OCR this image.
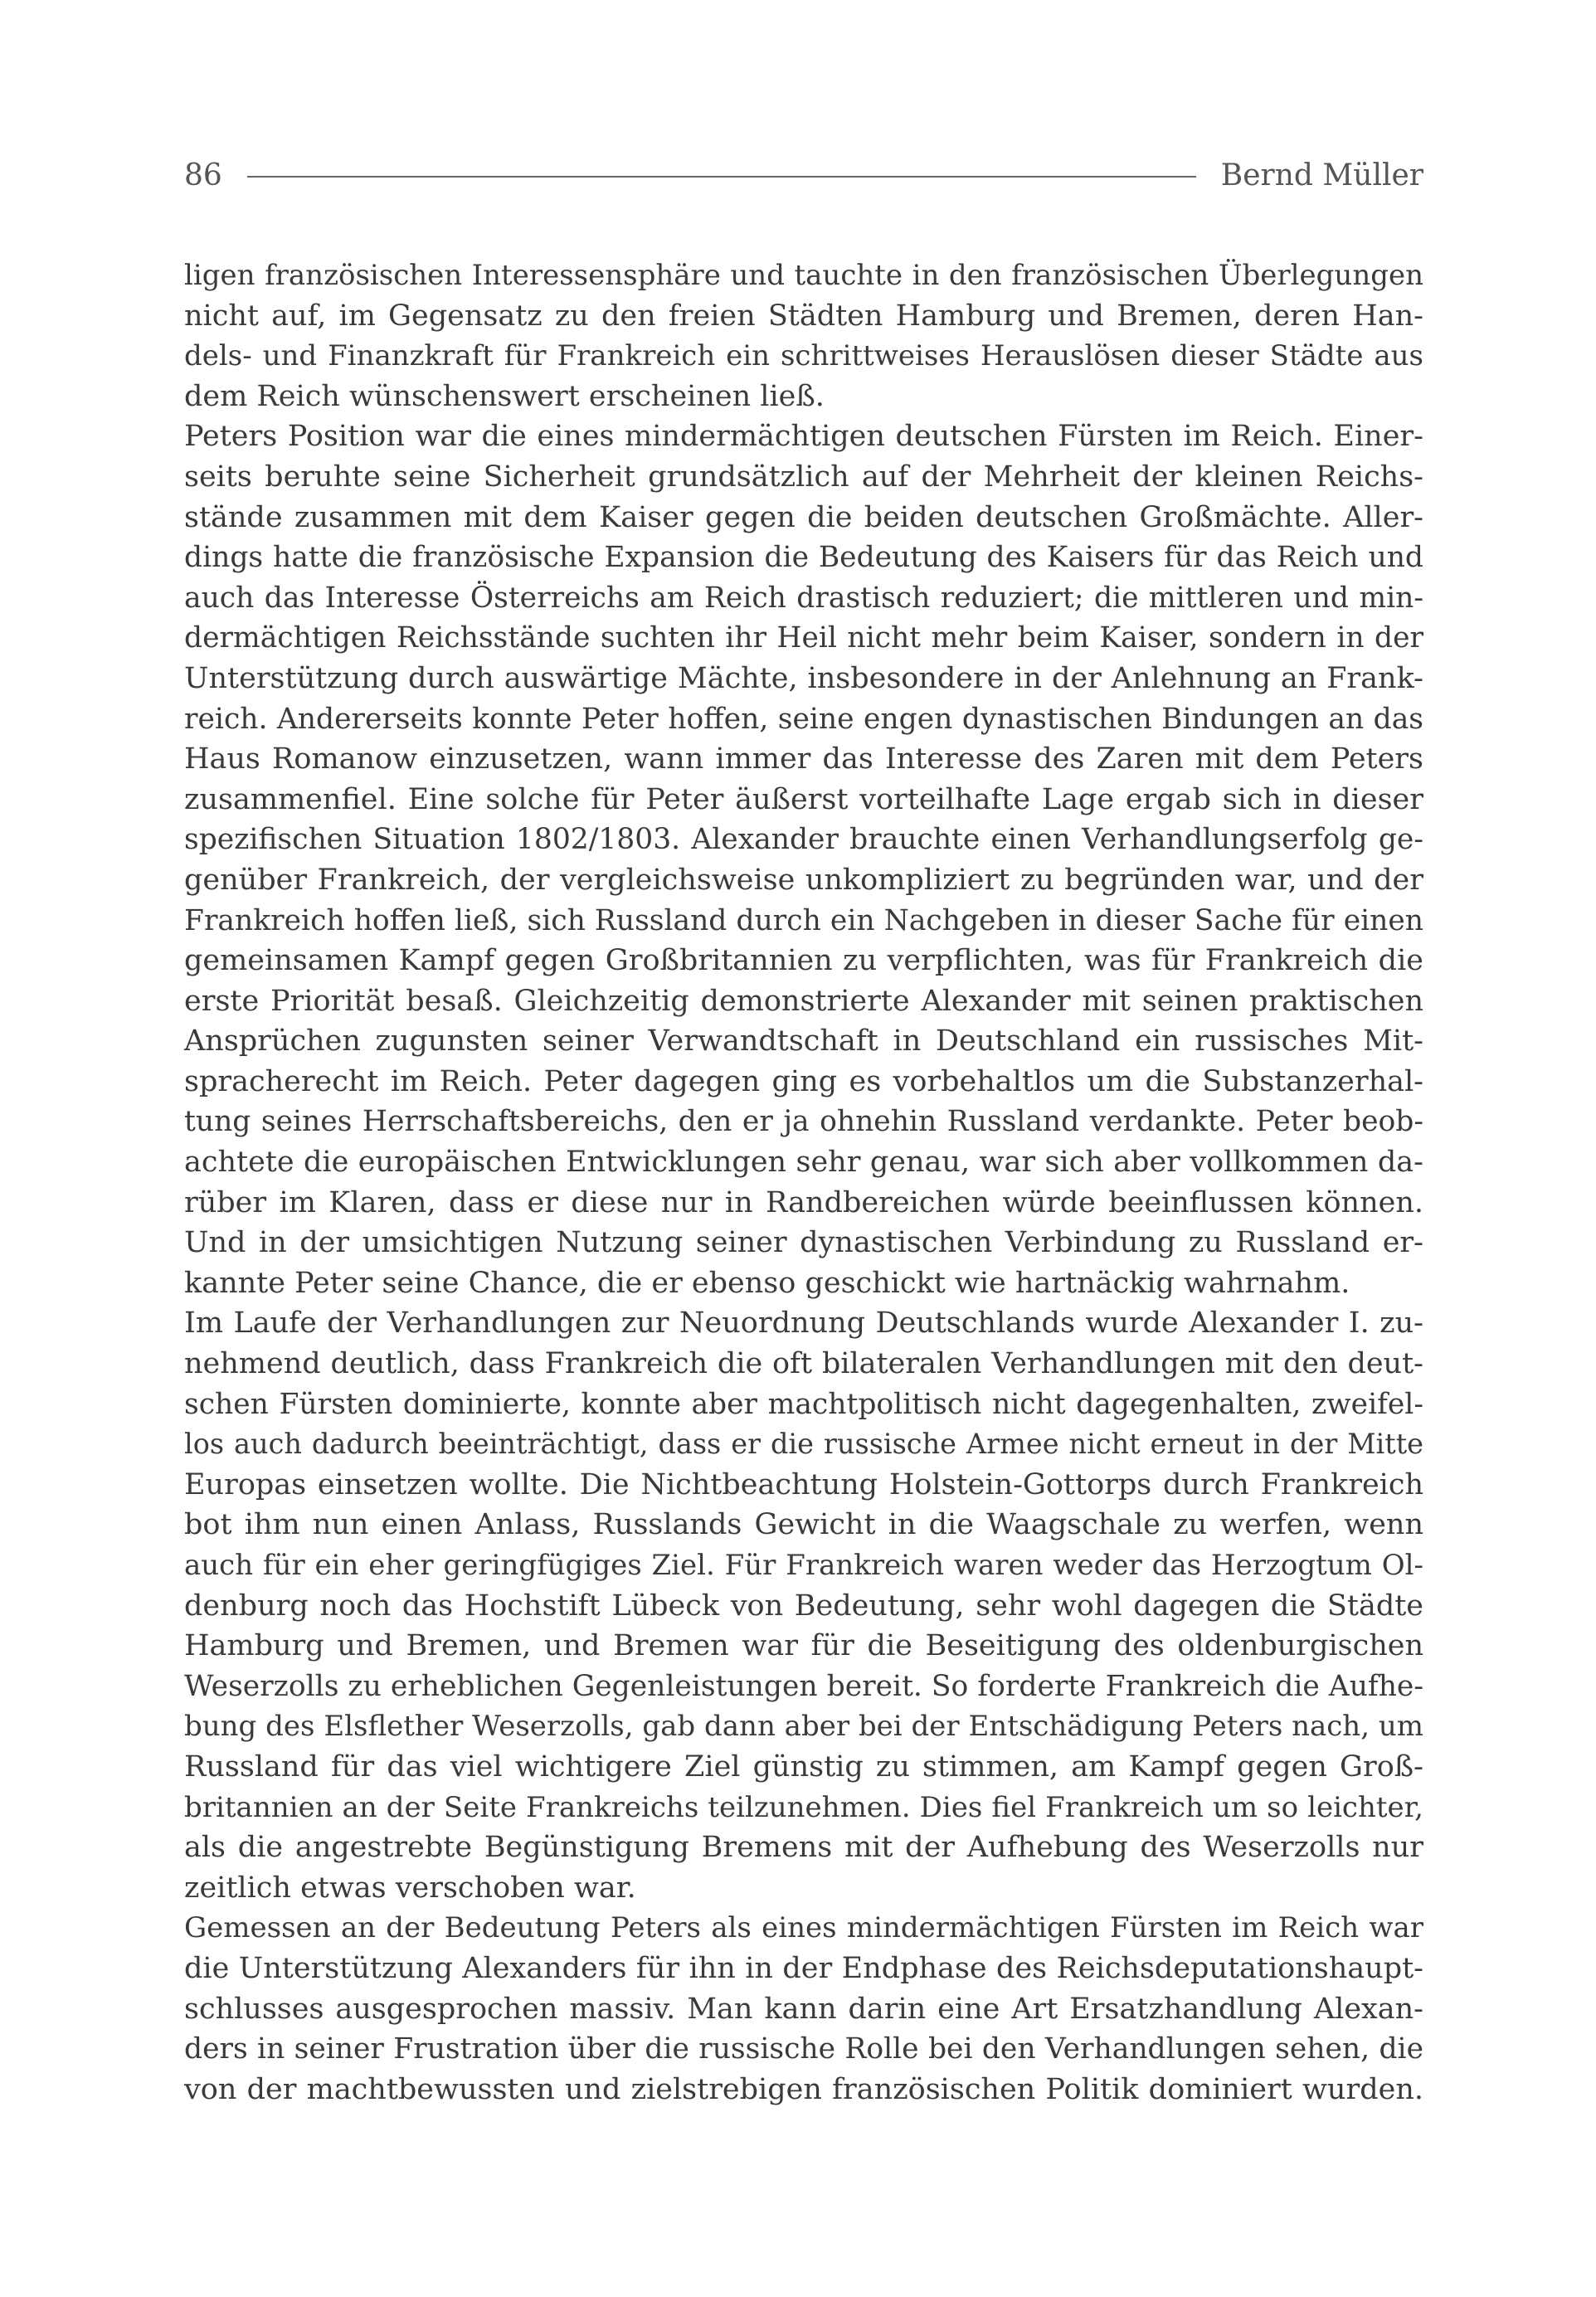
86	Bernd Müller
ligen französischen Interessensphäre und tauchte in den französischen Überlegungen
nicht auf, im Gegensatz zu den freien Städten Hamburg und Bremen, deren Han-
dels- und Finanzkraft für Frankreich ein schrittweises Herauslösen dieser Städte aus
dem Reich wünschenswert erscheinen ließ.
Peters Position war die eines mindermächtigen deutschen Fürsten im Reich. Einer-
seits beruhte seine Sicherheit grundsätzlich auf der Mehrheit der kleinen Reichs-
stände zusammen mit dem Kaiser gegen die beiden deutschen Großmächte. Aller-
dings hatte die französische Expansion die Bedeutung des Kaisers für das Reich und
auch das Interesse Österreichs am Reich drastisch reduziert; die mittleren und min-
dermächtigen Reichsstände suchten ihr Heil nicht mehr beim Kaiser, sondern in der
Unterstützung durch auswärtige Mächte, insbesondere in der Anlehnung an Frank-
reich. Andererseits konnte Peter hoffen, seine engen dynastischen Bindungen an das
Haus Romanow einzusetzen, wann immer das Interesse des Zaren mit dem Peters
zusammenfiel. Eine solche für Peter äußerst vorteilhafte Lage ergab sich in dieser
spezifischen Situation 1802/1803. Alexander brauchte einen Verhandlungserfolg ge-
genüber Frankreich, der vergleichsweise unkompliziert zu begründen war, und der
Frankreich hoffen ließ, sich Russland durch ein Nachgeben in dieser Sache für einen
gemeinsamen Kampf gegen Großbritannien zu verpflichten, was für Frankreich die
erste Priorität besaß. Gleichzeitig demonstrierte Alexander mit seinen praktischen
Ansprüchen zugunsten seiner Verwandtschaft in Deutschland ein russisches Mit-
spracherecht im Reich. Peter dagegen ging es vorbehaltlos um die Substanzerhal-
tung seines Herrschaftsbereichs, den er ja ohnehin Russland verdankte. Peter beob-
achtete die europäischen Entwicklungen sehr genau, war sich aber vollkommen da-
rüber im Klaren, dass er diese nur in Randbereichen würde beeinflussen können.
Und in der umsichtigen Nutzung seiner dynastischen Verbindung zu Russland er-
kannte Peter seine Chance, die er ebenso geschickt wie hartnäckig wahrnahm.
Im Laufe der Verhandlungen zur Neuordnung Deutschlands wurde Alexander I. zu-
nehmend deutlich, dass Frankreich die oft bilateralen Verhandlungen mit den deut-
schen Fürsten dominierte, konnte aber machtpolitisch nicht dagegenhalten, zweifel-
los auch dadurch beeinträchtigt, dass er die russische Armee nicht erneut in der Mitte
Europas einsetzen wollte. Die Nichtbeachtung Holstein-Gottorps durch Frankreich
bot ihm nun einen Anlass, Russlands Gewicht in die Waagschale zu werfen, wenn
auch für ein eher geringfügiges Ziel. Für Frankreich waren weder das Herzogtum Ol-
denburg noch das Hochstift Lübeck von Bedeutung, sehr wohl dagegen die Städte
Hamburg und Bremen, und Bremen war für die Beseitigung des oldenburgischen
Weserzolls zu erheblichen Gegenleistungen bereit. So forderte Frankreich die Aufhe-
bung des Elsflether Weserzolls, gab dann aber bei der Entschädigung Peters nach, um
Russland für das viel wichtigere Ziel günstig zu stimmen, am Kampf gegen Groß-
britannien an der Seite Frankreichs teilzunehmen. Dies fiel Frankreich um so leichter,
als die angestrebte Begünstigung Bremens mit der Aufhebung des Weserzolls nur
zeitlich etwas verschoben war.
Gemessen an der Bedeutung Peters als eines mindermächtigen Fürsten im Reich war
die Unterstützung Alexanders für ihn in der Endphase des Reichsdeputationshaupt-
schlusses ausgesprochen massiv. Man kann darin eine Art Ersatzhandlung Alexan-
ders in seiner Frustration über die russische Rolle bei den Verhandlungen sehen, die
von der machtbewussten und zielstrebigen französischen Politik dominiert wurden.
